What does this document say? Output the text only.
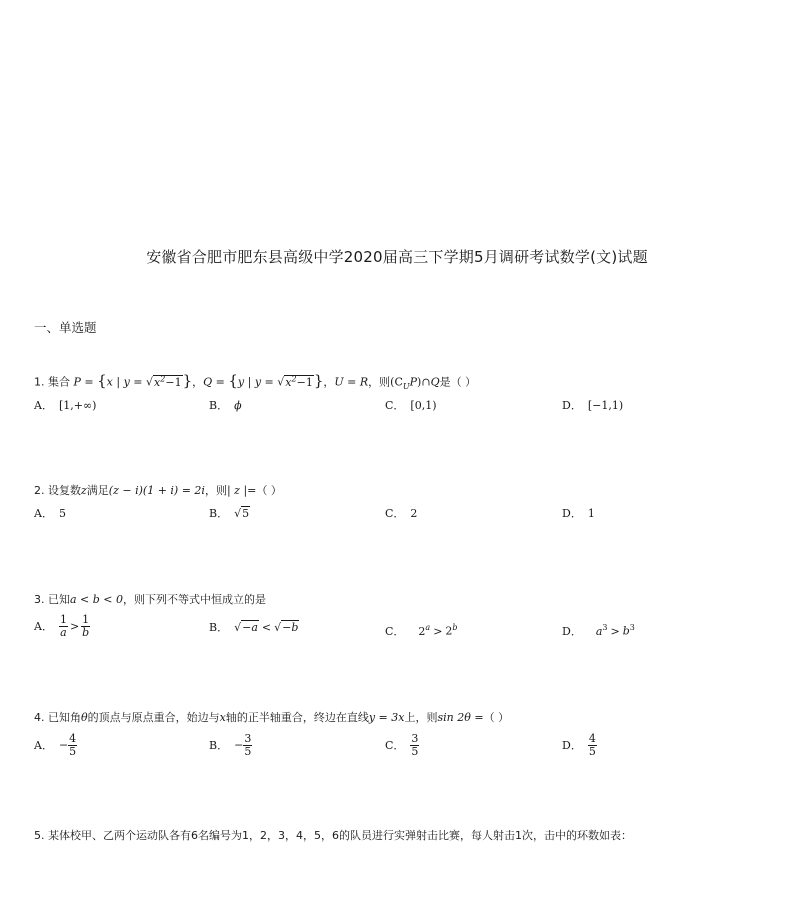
安徽省合肥市肥东县高级中学2020届高三下学期5月调研考试数学(文)试题
一、单选题
1. 集合 P = {x | $y = √x^2-1$}，Q = {y | $y = √x^2-1$}，U = R，则$(C_UP)\cap Q$是（ ）
A． [1,+∞)	B． ϕ	C． [0,1)	D． [−1,1)
2. 设复数z满足(z − i)(1 + i) = 2i，则| z |=（ ）
A． 5	B． √5	C． 2	D． 1
3. 已知a < b < 0，则下列不等式中恒成立的是
A． $\frac{1}{a} > \frac{1}{b}$	B． √−a < √−b	C． $2^a > 2^b$	D． $a^3 > b^3$
4. 已知角θ的顶点与原点重合，始边与x轴的正半轴重合，终边在直线y = 3x上，则sin 2θ =（ ）
A． − $\frac{4}{5}$	B． − $\frac{3}{5}$	C． $\frac{3}{5}$	D． $\frac{4}{5}$
5. 某体校甲、乙两个运动队各有6名编号为1，2，3，4，5，6的队员进行实弹射击比赛，每人射击1次，击中的环数如表：
